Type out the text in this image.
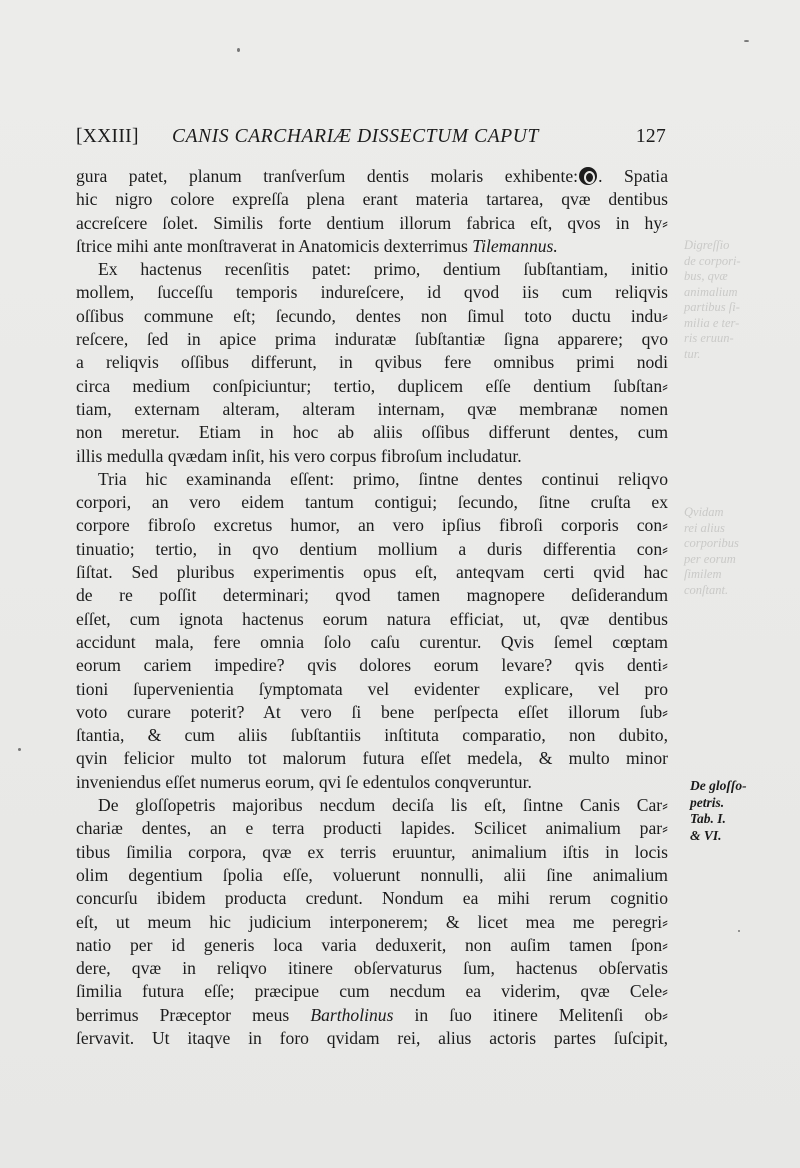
[XXIII] CANIS CARCHARIÆ DISSECTUM CAPUT	127
gura patet, planum tranſverſum dentis molaris exhibente: . Spatia
hic nigro colore expreſſa plena erant materia tartarea, qvæ dentibus
accreſcere ſolet. Similis forte dentium illorum fabrica eſt, qvos in hy⸗
ſtrice mihi ante monſtraverat in Anatomicis dexterrimus Tilemannus.
Ex hactenus recenſitis patet: primo, dentium ſubſtantiam, initio
mollem, ſucceſſu temporis indureſcere, id qvod iis cum reliqvis
oſſibus commune eſt; ſecundo, dentes non ſimul toto ductu indu⸗
reſcere, ſed in apice prima induratæ ſubſtantiæ ſigna apparere; qvo
a reliqvis oſſibus differunt, in qvibus fere omnibus primi nodi
circa medium conſpiciuntur; tertio, duplicem eſſe dentium ſubſtan⸗
tiam, externam alteram, alteram internam, qvæ membranæ nomen
non meretur. Etiam in hoc ab aliis oſſibus differunt dentes, cum
illis medulla qvædam inſit, his vero corpus fibroſum includatur.
Tria hic examinanda eſſent: primo, ſintne dentes continui reliqvo
corpori, an vero eidem tantum contigui; ſecundo, ſitne cruſta ex
corpore fibroſo excretus humor, an vero ipſius fibroſi corporis con⸗
tinuatio; tertio, in qvo dentium mollium a duris differentia con⸗
ſiſtat. Sed pluribus experimentis opus eſt, anteqvam certi qvid hac
de re poſſit determinari; qvod tamen magnopere deſiderandum
eſſet, cum ignota hactenus eorum natura efficiat, ut, qvæ dentibus
accidunt mala, fere omnia ſolo caſu curentur. Qvis ſemel cœptam
eorum cariem impedire? qvis dolores eorum levare? qvis denti⸗
tioni ſupervenientia ſymptomata vel evidenter explicare, vel pro
voto curare poterit? At vero ſi bene perſpecta eſſet illorum ſub⸗
ſtantia, & cum aliis ſubſtantiis inſtituta comparatio, non dubito,
qvin felicior multo tot malorum futura eſſet medela, & multo minor
inveniendus eſſet numerus eorum, qvi ſe edentulos conqveruntur.
De gloſſopetris majoribus necdum deciſa lis eſt, ſintne Canis Car⸗
chariæ dentes, an e terra producti lapides. Scilicet animalium par⸗
tibus ſimilia corpora, qvæ ex terris eruuntur, animalium iſtis in locis
olim degentium ſpolia eſſe, voluerunt nonnulli, alii ſine animalium
concurſu ibidem producta credunt. Nondum ea mihi rerum cognitio
eſt, ut meum hic judicium interponerem; & licet mea me peregri⸗
natio per id generis loca varia deduxerit, non auſim tamen ſpon⸗
dere, qvæ in reliqvo itinere obſervaturus ſum, hactenus obſervatis
ſimilia futura eſſe; præcipue cum necdum ea viderim, qvæ Cele⸗
berrimus Præceptor meus Bartholinus in ſuo itinere Melitenſi ob⸗
ſervavit. Ut itaqve in foro qvidam rei, alius actoris partes ſuſcipit,
De gloſſo-
petris.
Tab. I.
& VI.
Digreſſio
de corpori-
bus, qvæ
animalium
partibus ſi-
milia e ter-
ris eruun-
tur.
Qvidam
rei alius
corporibus
per eorum
ſimilem
conſtant.
